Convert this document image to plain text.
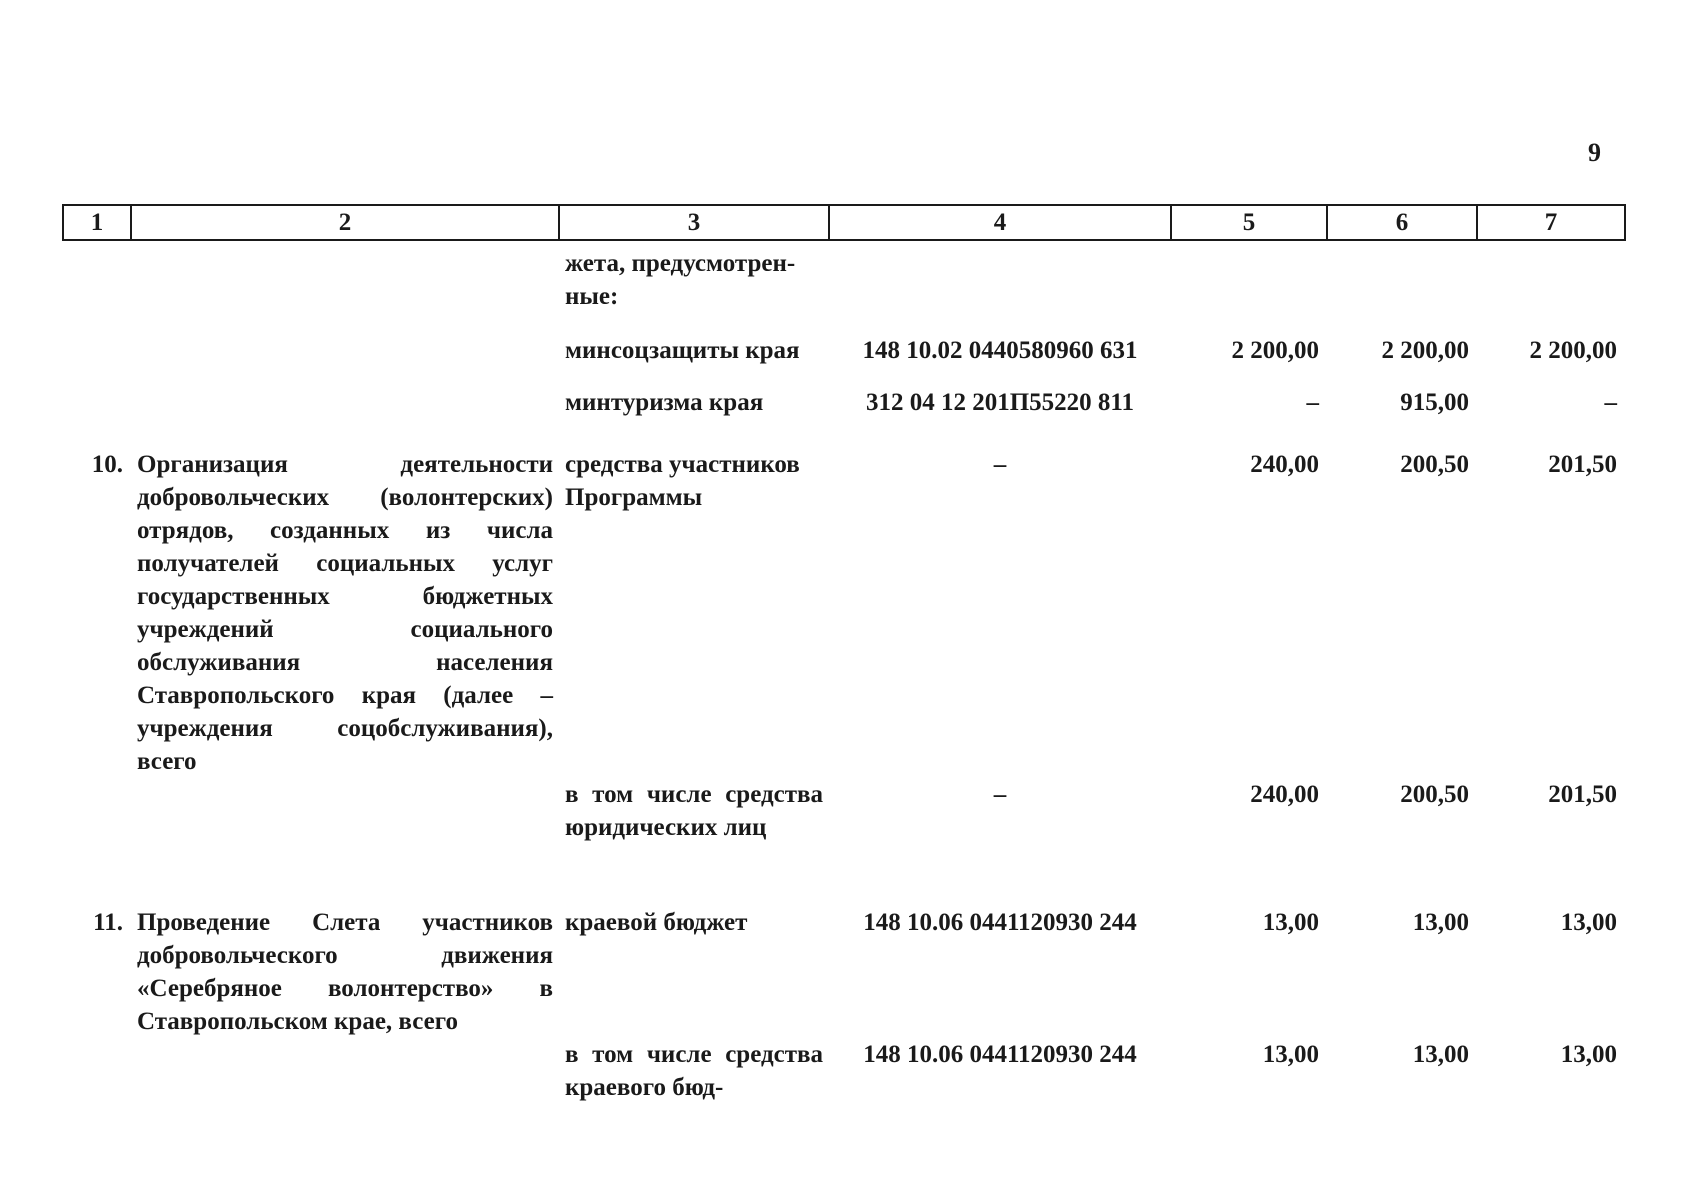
9
1	2	3	4	5	6	7
		жета, предусмотрен-
ные:				
		минсоцзащиты края	148 10.02 0440580960 631	2 200,00	2 200,00	2 200,00
		минтуризма края	312 04 12 201П55220 811	–	915,00	–
10.	Организация деятельности добровольческих (волонтерских) отрядов, созданных из числа получателей социальных услуг государственных бюджетных учреждений социального обслуживания населения Ставропольского края (далее – учреждения соцобслуживания), всего	средства участников Программы	–	240,00	200,50	201,50
		в том числе средства юридических лиц	–	240,00	200,50	201,50
11.	Проведение Слета участников добровольческого движения «Серебряное волонтерство» в Ставропольском крае, всего	краевой бюджет	148 10.06 0441120930 244	13,00	13,00	13,00
		в том числе средства краевого бюд-	148 10.06 0441120930 244	13,00	13,00	13,00
